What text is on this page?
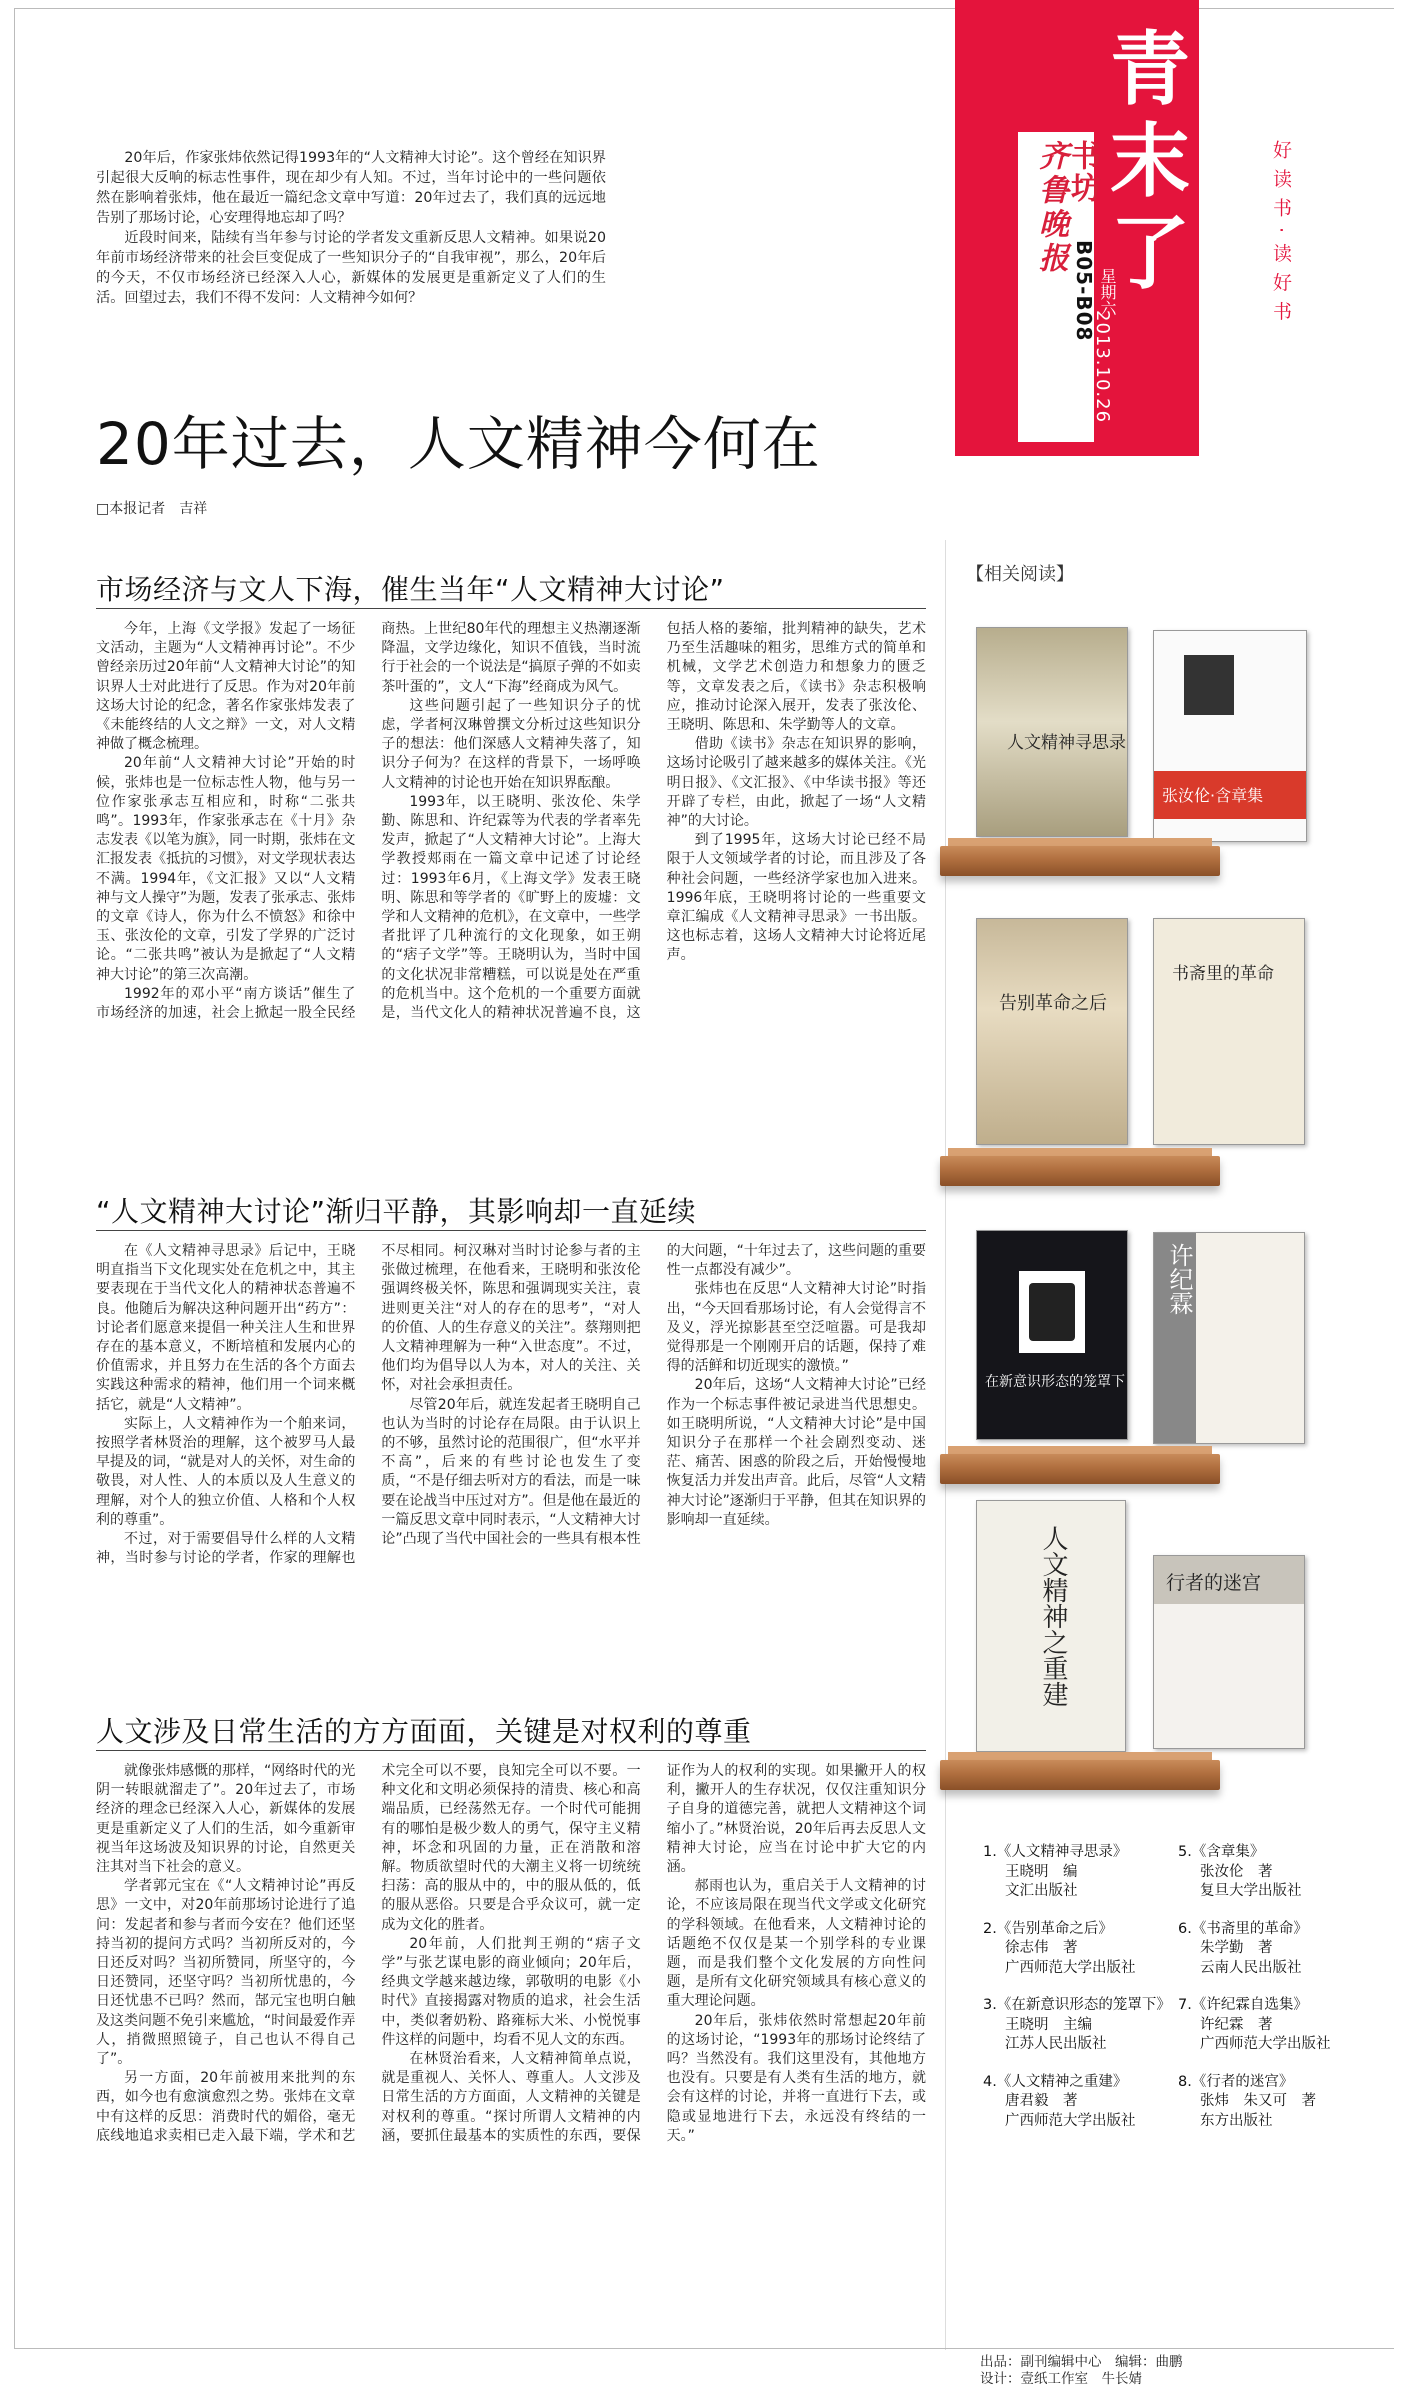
青
末
了
齐鲁晚报
书坊
B05-B08 星期六
2013.10.26
好读书·读好书

20年后，作家张炜依然记得1993年的“人文精神大讨论”。这个曾经在知识界引起很大反响的标志性事件，现在却少有人知。不过，当年讨论中的一些问题依然在影响着张炜，他在最近一篇纪念文章中写道：20年过去了，我们真的远远地告别了那场讨论，心安理得地忘却了吗？

近段时间来，陆续有当年参与讨论的学者发文重新反思人文精神。如果说20年前市场经济带来的社会巨变促成了一些知识分子的“自我审视”，那么，20年后的今天，不仅市场经济已经深入人心，新媒体的发展更是重新定义了人们的生活。回望过去，我们不得不发问：人文精神今如何？

20年过去，人文精神今何在
□本报记者　吉祥
市场经济与文人下海，催生当年“人文精神大讨论”

今年，上海《文学报》发起了一场征文活动，主题为“人文精神再讨论”。不少曾经亲历过20年前“人文精神大讨论”的知识界人士对此进行了反思。作为对20年前这场大讨论的纪念，著名作家张炜发表了《未能终结的人文之辩》一文，对人文精神做了概念梳理。

20年前“人文精神大讨论”开始的时候，张炜也是一位标志性人物，他与另一位作家张承志互相应和，时称“二张共鸣”。1993年，作家张承志在《十月》杂志发表《以笔为旗》，同一时期，张炜在文汇报发表《抵抗的习惯》，对文学现状表达不满。1994年，《文汇报》又以“人文精神与文人操守”为题，发表了张承志、张炜的文章《诗人，你为什么不愤怒》和徐中玉、张汝伦的文章，引发了学界的广泛讨论。“二张共鸣”被认为是掀起了“人文精神大讨论”的第三次高潮。

1992年的邓小平“南方谈话”催生了市场经济的加速，社会上掀起一股全民经商热。上世纪80年代的理想主义热潮逐渐降温，文学边缘化，知识不值钱，当时流行于社会的一个说法是“搞原子弹的不如卖茶叶蛋的”，文人“下海”经商成为风气。

这些问题引起了一些知识分子的忧虑，学者柯汉琳曾撰文分析过这些知识分子的想法：他们深感人文精神失落了，知识分子何为？在这样的背景下，一场呼唤人文精神的讨论也开始在知识界酝酿。

1993年，以王晓明、张汝伦、朱学勤、陈思和、许纪霖等为代表的学者率先发声，掀起了“人文精神大讨论”。上海大学教授郏雨在一篇文章中记述了讨论经过：1993年6月，《上海文学》发表王晓明、陈思和等学者的《旷野上的废墟：文学和人文精神的危机》，在文章中，一些学者批评了几种流行的文化现象，如王朔的“痞子文学”等。王晓明认为，当时中国的文化状况非常糟糕，可以说是处在严重的危机当中。这个危机的一个重要方面就是，当代文化人的精神状况普遍不良，这包括人格的萎缩，批判精神的缺失，艺术乃至生活趣味的粗劣，思维方式的简单和机械，文学艺术创造力和想象力的匮乏等，文章发表之后，《读书》杂志积极响应，推动讨论深入展开，发表了张汝伦、王晓明、陈思和、朱学勤等人的文章。

借助《读书》杂志在知识界的影响，这场讨论吸引了越来越多的媒体关注。《光明日报》、《文汇报》、《中华读书报》等还开辟了专栏，由此，掀起了一场“人文精神”的大讨论。

到了1995年，这场大讨论已经不局限于人文领域学者的讨论，而且涉及了各种社会问题，一些经济学家也加入进来。1996年底，王晓明将讨论的一些重要文章汇编成《人文精神寻思录》一书出版。这也标志着，这场人文精神大讨论将近尾声。

“人文精神大讨论”渐归平静，其影响却一直延续

在《人文精神寻思录》后记中，王晓明直指当下文化现实处在危机之中，其主要表现在于当代文化人的精神状态普遍不良。他随后为解决这种问题开出“药方”：讨论者们愿意来提倡一种关注人生和世界存在的基本意义，不断培植和发展内心的价值需求，并且努力在生活的各个方面去实践这种需求的精神，他们用一个词来概括它，就是“人文精神”。

实际上，人文精神作为一个舶来词，按照学者林贤治的理解，这个被罗马人最早提及的词，“就是对人的关怀，对生命的敬畏，对人性、人的本质以及人生意义的理解，对个人的独立价值、人格和个人权利的尊重”。

不过，对于需要倡导什么样的人文精神，当时参与讨论的学者，作家的理解也不尽相同。柯汉琳对当时讨论参与者的主张做过梳理，在他看来，王晓明和张汝伦强调终极关怀，陈思和强调现实关注，袁进则更关注“对人的存在的思考”，“对人的价值、人的生存意义的关注”。蔡翔则把人文精神理解为一种“入世态度”。不过，他们均为倡导以人为本，对人的关注、关怀，对社会承担责任。

尽管20年后，就连发起者王晓明自己也认为当时的讨论存在局限。由于认识上的不够，虽然讨论的范围很广，但“水平并不高”，后来的有些讨论也发生了变质，“不是仔细去听对方的看法，而是一味要在论战当中压过对方”。但是他在最近的一篇反思文章中同时表示，“人文精神大讨论”凸现了当代中国社会的一些具有根本性的大问题，“十年过去了，这些问题的重要性一点都没有减少”。

张炜也在反思“人文精神大讨论”时指出，“今天回看那场讨论，有人会觉得言不及义，浮光掠影甚至空泛喧嚣。可是我却觉得那是一个刚刚开启的话题，保持了难得的活鲜和切近现实的激愤。”

20年后，这场“人文精神大讨论”已经作为一个标志事件被记录进当代思想史。如王晓明所说，“人文精神大讨论”是中国知识分子在那样一个社会剧烈变动、迷茫、痛苦、困惑的阶段之后，开始慢慢地恢复活力并发出声音。此后，尽管“人文精神大讨论”逐渐归于平静，但其在知识界的影响却一直延续。

人文涉及日常生活的方方面面，关键是对权利的尊重

就像张炜感慨的那样，“网络时代的光阴一转眼就溜走了”。20年过去了，市场经济的理念已经深入人心，新媒体的发展更是重新定义了人们的生活，如今重新审视当年这场波及知识界的讨论，自然更关注其对当下社会的意义。

学者郭元宝在《“人文精神讨论”再反思》一文中，对20年前那场讨论进行了追问：发起者和参与者而今安在？他们还坚持当初的提问方式吗？当初所反对的，今日还反对吗？当初所赞同，所坚守的，今日还赞同，还坚守吗？当初所忧患的，今日还忧患不已吗？然而，郜元宝也明白触及这类问题不免引来尴尬，“时间最爱作弄人，捎微照照镜子，自己也认不得自己了”。

另一方面，20年前被用来批判的东西，如今也有愈演愈烈之势。张炜在文章中有这样的反思：消费时代的媚俗，毫无底线地追求卖相已走入最下端，学术和艺术完全可以不要，良知完全可以不要。一种文化和文明必须保持的清贵、核心和高端品质，已经荡然无存。一个时代可能拥有的哪怕是极少数人的勇气，保守主义精神，坏念和巩固的力量，正在消散和溶解。物质欲望时代的大潮主义将一切统统扫荡：高的服从中的，中的服从低的，低的服从恶俗。只要是合乎众议可，就一定成为文化的胜者。

20年前，人们批判王朔的“痞子文学”与张艺谋电影的商业倾向；20年后，经典文学越来越边缘，郭敬明的电影《小时代》直接揭露对物质的追求，社会生活中，类似奢奶粉、路雍标大米、小悦悦事件这样的问题中，均看不见人文的东西。

在林贤治看来，人文精神简单点说，就是重视人、关怀人、尊重人。人文涉及日常生活的方方面面，人文精神的关键是对权利的尊重。“探讨所谓人文精神的内涵，要抓住最基本的实质性的东西，要保证作为人的权利的实现。如果撇开人的权利，撇开人的生存状况，仅仅注重知识分子自身的道德完善，就把人文精神这个词缩小了。”林贤治说，20年后再去反思人文精神大讨论，应当在讨论中扩大它的内涵。

郝雨也认为，重启关于人文精神的讨论，不应该局限在现当代文学或文化研究的学科领域。在他看来，人文精神讨论的话题绝不仅仅是某一个别学科的专业课题，而是我们整个文化发展的方向性问题，是所有文化研究领域具有核心意义的重大理论问题。

20年后，张炜依然时常想起20年前的这场讨论，“1993年的那场讨论终结了吗？当然没有。我们这里没有，其他地方也没有。只要是有人类有生活的地方，就会有这样的讨论，并将一直进行下去，或隐或显地进行下去，永远没有终结的一天。”

【相关阅读】
人文精神寻思录
张汝伦·含章集
告别革命之后
书斋里的革命
在新意识形态的笼罩下
许纪霖
人文精神之重建	行者的迷宫
1.《人文精神寻思录》
王晓明　编
文汇出版社
2.《告别革命之后》
徐志伟　著
广西师范大学出版社
3.《在新意识形态的笼罩下》
王晓明　主编
江苏人民出版社
4.《人文精神之重建》
唐君毅　著
广西师范大学出版社
5.《含章集》
张汝伦　著
复旦大学出版社
6.《书斋里的革命》
朱学勤　著
云南人民出版社
7.《许纪霖自选集》
许纪霖　著
广西师范大学出版社
8.《行者的迷宫》
张炜　朱又可　著
东方出版社
出品：副刊编辑中心　编辑：曲鹏
设计：壹纸工作室　牛长婧
